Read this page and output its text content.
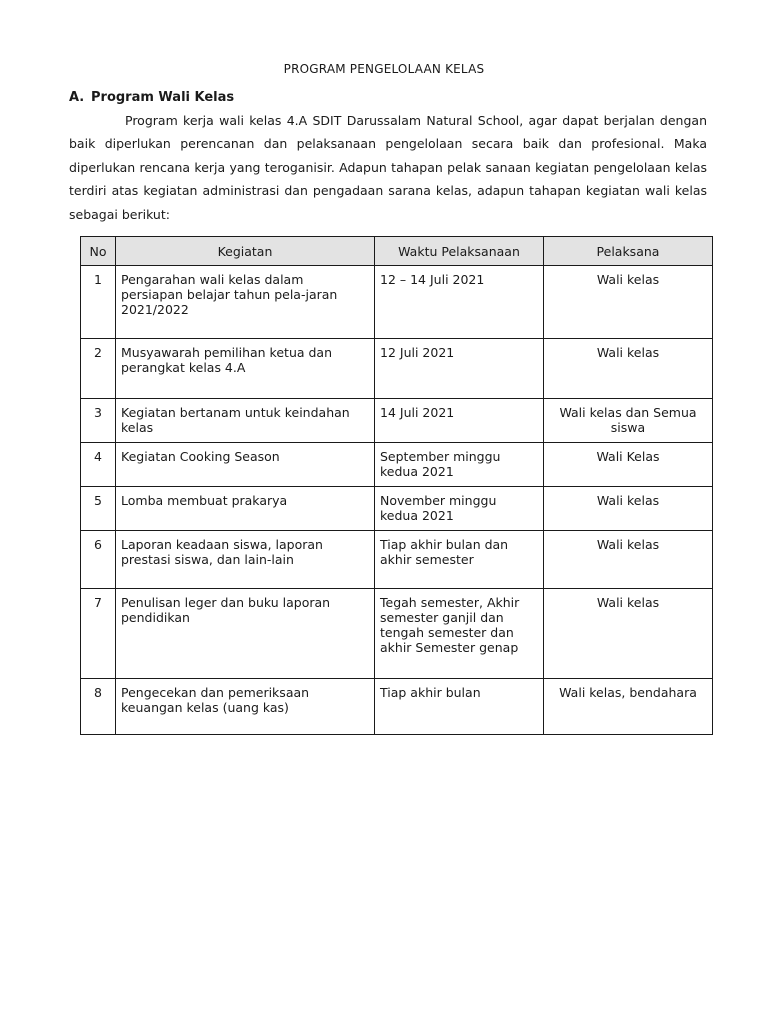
PROGRAM PENGELOLAAN KELAS
A. Program Wali Kelas

Program kerja wali kelas 4.A SDIT Darussalam Natural School, agar dapat berjalan dengan baik diperlukan perencanan dan pelaksanaan pengelolaan secara baik dan profesional. Maka diperlukan rencana kerja yang teroganisir. Adapun tahapan pelak sanaan kegiatan pengelolaan kelas terdiri atas kegiatan administrasi dan pengadaan sarana kelas, adapun tahapan kegiatan wali kelas sebagai berikut:

No	Kegiatan	Waktu Pelaksanaan	Pelaksana
1	Pengarahan wali kelas dalam persiapan belajar tahun pela-jaran 2021/2022	12 – 14 Juli 2021	Wali kelas
2	Musyawarah pemilihan ketua dan perangkat kelas 4.A	12 Juli 2021	Wali kelas
3	Kegiatan bertanam untuk keindahan kelas	14 Juli 2021	Wali kelas dan Semua siswa
4	Kegiatan Cooking Season	September minggu kedua 2021	Wali Kelas
5	Lomba membuat prakarya	November minggu kedua 2021	Wali kelas
6	Laporan keadaan siswa, laporan prestasi siswa, dan lain-lain	Tiap akhir bulan dan akhir semester	Wali kelas
7	Penulisan leger dan buku laporan pendidikan	Tegah semester, Akhir semester ganjil dan tengah semester dan akhir Semester genap	Wali kelas
8	Pengecekan dan pemeriksaan keuangan kelas (uang kas)	Tiap akhir bulan	Wali kelas, bendahara
